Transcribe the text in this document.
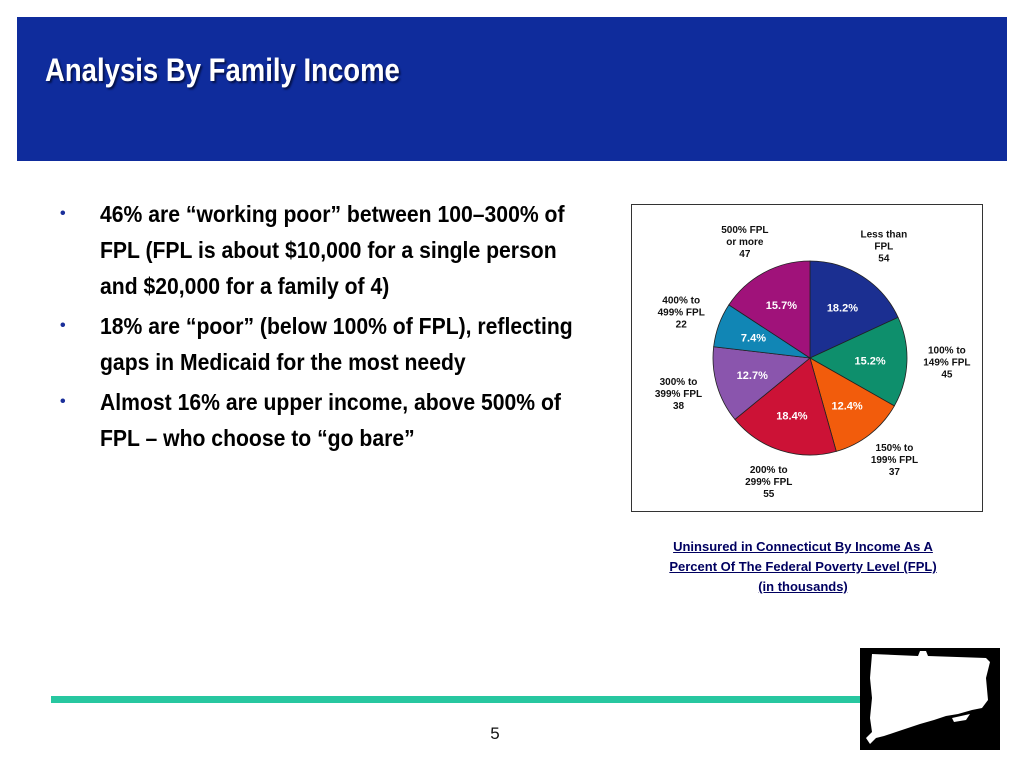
Analysis By Family Income
• 46% are “working poor” between 100–300% of FPL (FPL is about $10,000 for a single person and $20,000 for a family of 4)
• 18% are “poor” (below 100% of FPL), reflecting gaps in Medicaid for the most needy
• Almost 16% are upper income, above 500% of FPL – who choose to “go bare”
18.2%
15.2%
12.4%
18.4%
12.7%
7.4%
15.7%
Less than FPL 54
100% to 149% FPL 45
150% to 199% FPL 37
200% to 299% FPL 55
300% to 399% FPL 38
400% to 499% FPL 22
500% FPL or more 47
Uninsured in Connecticut By Income As A
Percent Of The Federal Poverty Level (FPL)
(in thousands)
5
